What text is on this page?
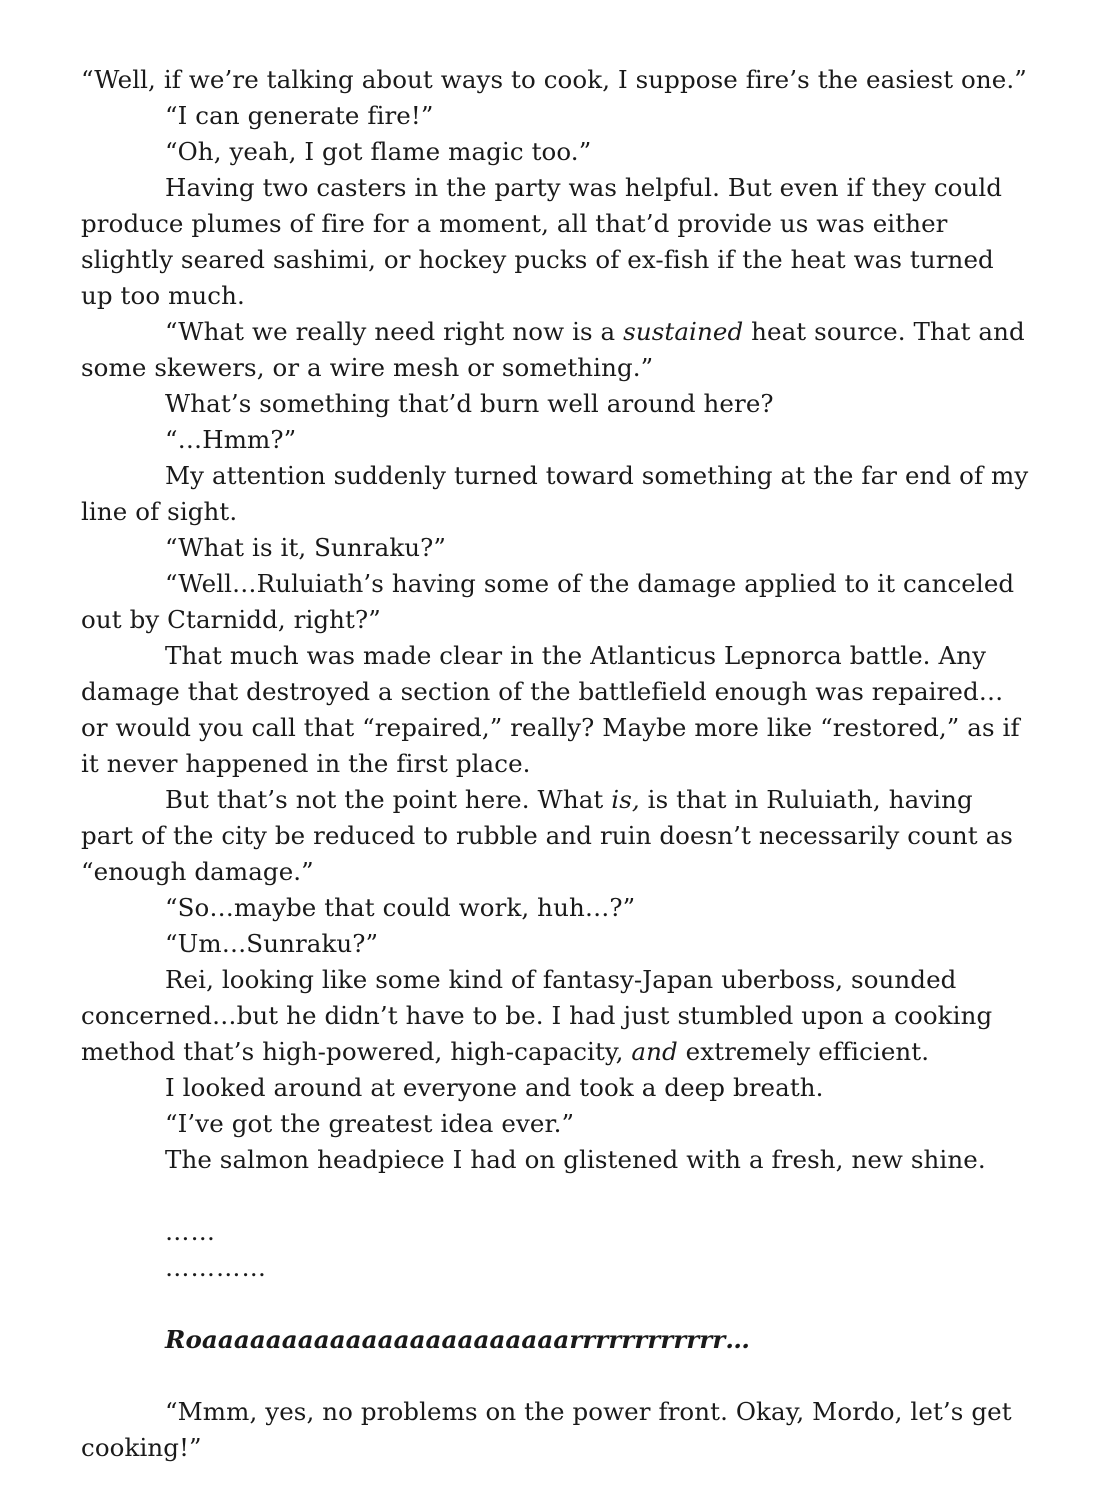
“Well, if we’re talking about ways to cook, I suppose fire’s the easiest one.”

“I can generate fire!”

“Oh, yeah, I got flame magic too.”

Having two casters in the party was helpful. But even if they could produce plumes of fire for a moment, all that’d provide us was either slightly seared sashimi, or hockey pucks of ex-fish if the heat was turned up too much.

“What we really need right now is a sustained heat source. That and some skewers, or a wire mesh or something.”

What’s something that’d burn well around here?

“…Hmm?”

My attention suddenly turned toward something at the far end of my line of sight.

“What is it, Sunraku?”

“Well…Ruluiath’s having some of the damage applied to it canceled out by Ctarnidd, right?”

That much was made clear in the Atlanticus Lepnorca battle. Any damage that destroyed a section of the battlefield enough was repaired…or would you call that “repaired,” really? Maybe more like “restored,” as if it never happened in the first place.

But that’s not the point here. What is, is that in Ruluiath, having part of the city be reduced to rubble and ruin doesn’t necessarily count as “enough damage.”

“So…maybe that could work, huh…?”

“Um…Sunraku?”

Rei, looking like some kind of fantasy-Japan uberboss, sounded concerned…but he didn’t have to be. I had just stumbled upon a cooking method that’s high-powered, high-capacity, and extremely efficient.

I looked around at everyone and took a deep breath.

“I’ve got the greatest idea ever.”

The salmon headpiece I had on glistened with a fresh, new shine.

……

…………

Roaaaaaaaaaaaaaaaaaaaaaaarrrrrrrrrrrr…

“Mmm, yes, no problems on the power front. Okay, Mordo, let’s get cooking!”
